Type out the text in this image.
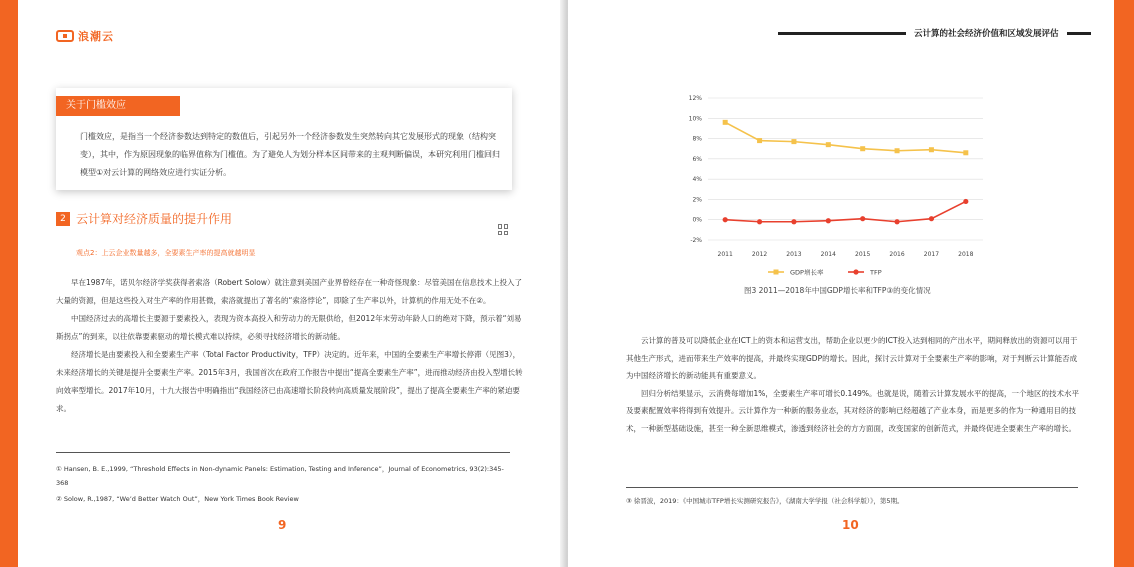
浪潮云
关于门槛效应
门槛效应，是指当一个经济参数达到特定的数值后，引起另外一个经济参数发生突然转向其它发展形式的现象（结构突变），其中，作为原因现象的临界值称为门槛值。为了避免人为划分样本区间带来的主观判断偏误，本研究利用门槛回归模型①对云计算的网络效应进行实证分析。
2 云计算对经济质量的提升作用
观点2：上云企业数量越多，全要素生产率的提高就越明显

早在1987年，诺贝尔经济学奖获得者索洛（Robert Solow）就注意到美国产业界曾经存在一种奇怪现象：尽管美国在信息技术上投入了大量的资源，但是这些投入对生产率的作用甚微，索洛就提出了著名的“索洛悖论”，即除了生产率以外，计算机的作用无处不在②。

中国经济过去的高增长主要源于要素投入，表现为资本高投入和劳动力的无限供给，但2012年末劳动年龄人口的绝对下降，预示着“刘易斯拐点”的到来，以往依靠要素驱动的增长模式难以持续，必须寻找经济增长的新动能。

经济增长是由要素投入和全要素生产率（Total Factor Productivity，TFP）决定的。近年来，中国的全要素生产率增长停滞（见图3），未来经济增长的关键是提升全要素生产率。2015年3月，我国首次在政府工作报告中提出“提高全要素生产率”，进而推动经济由投入型增长转向效率型增长。2017年10月，十九大报告中明确指出“我国经济已由高速增长阶段转向高质量发展阶段”，提出了提高全要素生产率的紧迫要求。

① Hansen, B. E.,1999, “Threshold Effects in Non-dynamic Panels: Estimation, Testing and Inference”，Journal of Econometrics, 93(2):345-368
② Solow, R.,1987, “We’d Better Watch Out”，New York Times Book Review
9
云计算的社会经济价值和区域发展评估
12%
10%
8%
6%
4%
2%
0%
-2%
2011	2012	2013	2014	2015	2016	2017	2018
GDP增长率	TFP
图3 2011—2018年中国GDP增长率和TFP③的变化情况

云计算的普及可以降低企业在ICT上的资本和运营支出，帮助企业以更少的ICT投入达到相同的产出水平，期间释放出的资源可以用于其他生产形式，进而带来生产效率的提高，并最终实现GDP的增长。因此，探讨云计算对于全要素生产率的影响，对于判断云计算能否成为中国经济增长的新动能具有重要意义。

回归分析结果显示，云消费每增加1%，全要素生产率可增长0.149%。也就是说，随着云计算发展水平的提高，一个地区的技术水平及要素配置效率将得到有效提升。云计算作为一种新的服务业态，其对经济的影响已经超越了产业本身，而是更多的作为一种通用目的技术，一种新型基础设施，甚至一种全新思维模式，渗透到经济社会的方方面面，改变国家的创新范式，并最终促进全要素生产率的增长。

③ 徐晋波，2019：《中国城市TFP增长实测研究报告》，《湖南大学学报（社会科学版）》，第5期。
10
